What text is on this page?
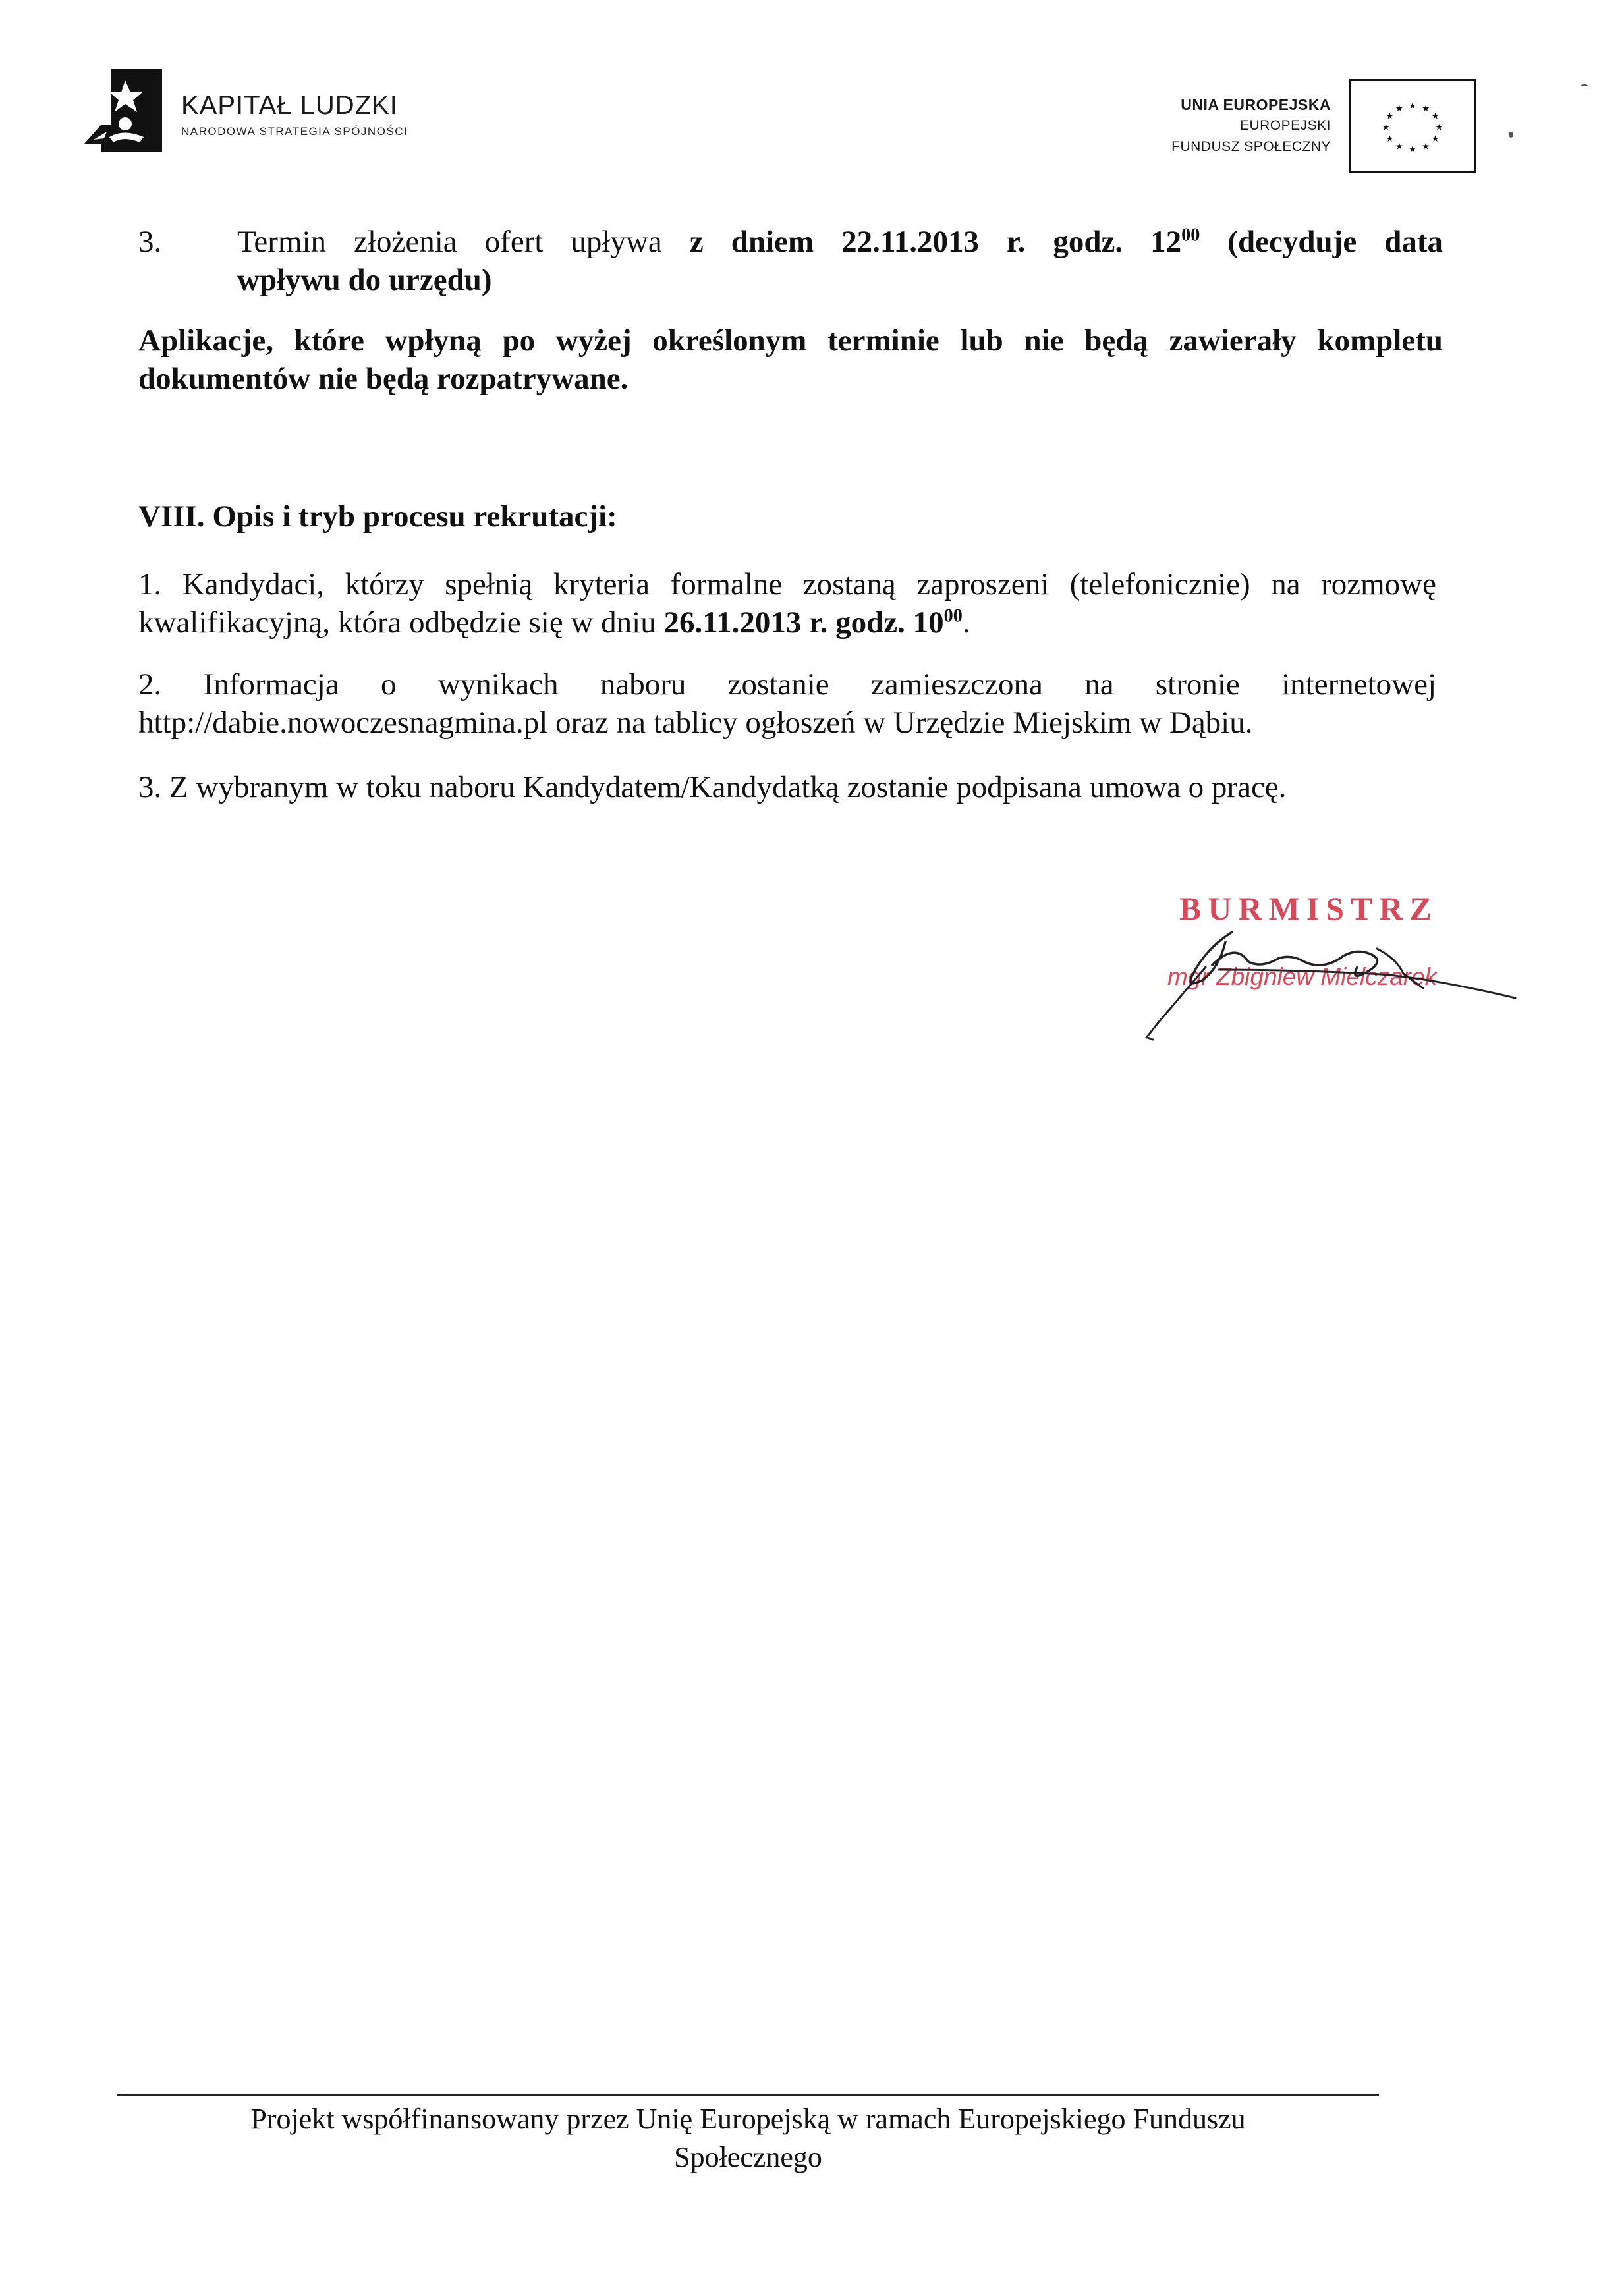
KAPITAŁ LUDZKI
NARODOWA STRATEGIA SPÓJNOŚCI
UNIA EUROPEJSKA
EUROPEJSKI
FUNDUSZ SPOŁECZNY
★ ★
★
★
★
★
★
★
★
★
★
★
3. Termin złożenia ofert upływa z dniem 22.11.2013 r. godz. $12^{00}$ (decyduje data
wpływu do urzędu)
Aplikacje, które wpłyną po wyżej określonym terminie lub nie będą zawierały kompletu
dokumentów nie będą rozpatrywane.
VIII. Opis i tryb procesu rekrutacji:
1. Kandydaci, którzy spełnią kryteria formalne zostaną zaproszeni (telefonicznie) na rozmowę
kwalifikacyjną, która odbędzie się w dniu 26.11.2013 r. godz. $10^{00}$.
2. Informacja o wynikach naboru zostanie zamieszczona na stronie internetowej
http://dabie.nowoczesnagmina.pl oraz na tablicy ogłoszeń w Urzędzie Miejskim w Dąbiu.
3. Z wybranym w toku naboru Kandydatem/Kandydatką zostanie podpisana umowa o pracę.
BURMISTRZ
mgr Zbigniew Mielczarek
Projekt współfinansowany przez Unię Europejską w ramach Europejskiego Funduszu
Społecznego
